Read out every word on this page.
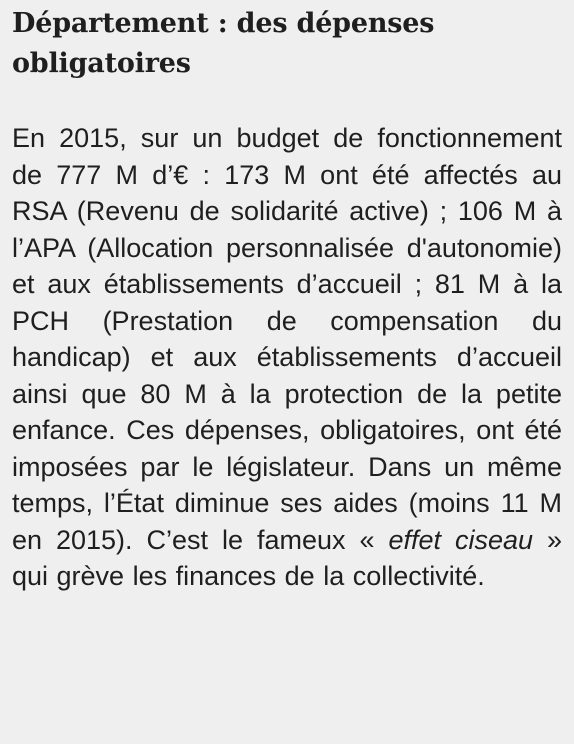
Département : des dépenses obligatoires

En 2015, sur un budget de fonctionnement de 777 M d’€ : 173 M ont été affectés au RSA (Revenu de solidarité active) ; 106 M à l’APA (Allocation personnalisée d'autonomie) et aux établissements d’accueil ; 81 M à la PCH (Prestation de compensation du handicap) et aux établissements d’accueil ainsi que 80 M à la protection de la petite enfance. Ces dépenses, obligatoires, ont été imposées par le législateur. Dans un même temps, l’État diminue ses aides (moins 11 M en 2015). C’est le fameux « effet ciseau » qui grève les finances de la collectivité.
